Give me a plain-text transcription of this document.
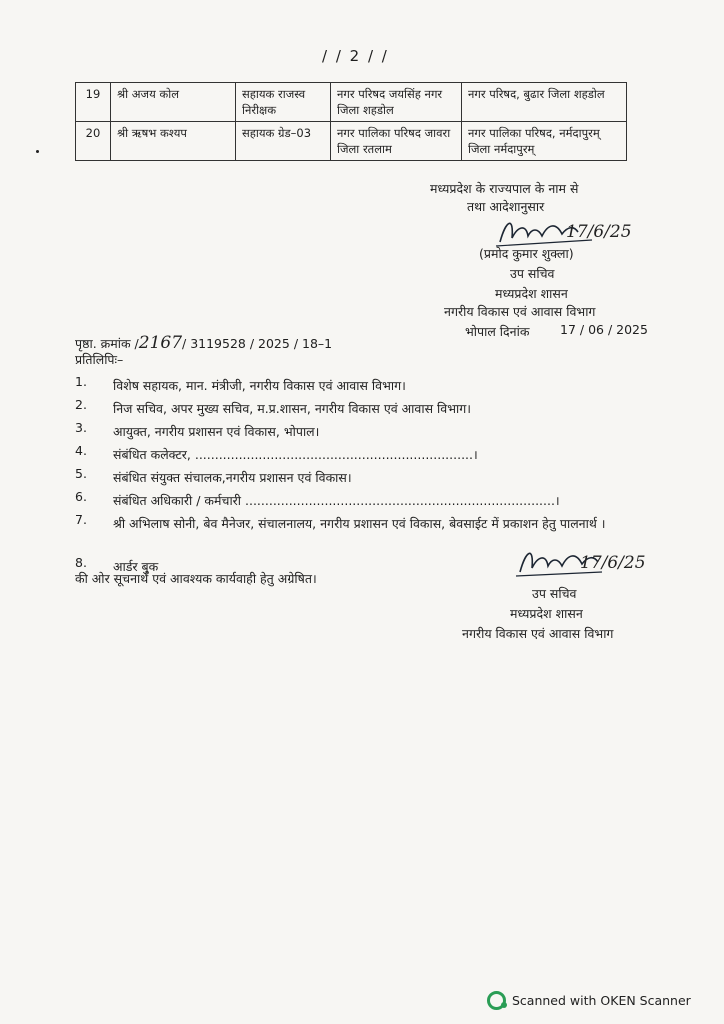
/ / 2 / /
19	श्री अजय कोल	सहायक राजस्व निरीक्षक	नगर परिषद जयसिंह नगर जिला शहडोल	नगर परिषद, बुढार जिला शहडोल
20	श्री ऋषभ कश्यप	सहायक ग्रेड–03	नगर पालिका परिषद जावरा जिला रतलाम	नगर पालिका परिषद, नर्मदापुरम् जिला नर्मदापुरम्
मध्यप्रदेश के राज्यपाल के नाम से
तथा आदेशानुसार
17/6/25
(प्रमोद कुमार शुक्ला)
उप सचिव
मध्यप्रदेश शासन
नगरीय विकास एवं आवास विभाग
भोपाल दिनांक 17 / 06 / 2025
पृष्ठा. क्रमांक /2167/ 3119528 / 2025 / 18–1
प्रतिलिपिः–
1. विशेष सहायक, मान. मंत्रीजी, नगरीय विकास एवं आवास विभाग।
2. निज सचिव, अपर मुख्य सचिव, म.प्र.शासन, नगरीय विकास एवं आवास विभाग।
3. आयुक्त, नगरीय प्रशासन एवं विकास, भोपाल।
4. संबंधित कलेक्टर, ......................................................................।
5. संबंधित संयुक्त संचालक,नगरीय प्रशासन एवं विकास।
6. संबंधित अधिकारी / कर्मचारी ..............................................................................।
7. श्री अभिलाष सोनी, बेव मैनेजर, संचालनालय, नगरीय प्रशासन एवं विकास, बेवसाईट में प्रकाशन हेतु पालनार्थ ।
8. आर्डर बुक
की ओर सूचनार्थ एवं आवश्यक कार्यवाही हेतु अग्रेषित।
17/6/25
उप सचिव
मध्यप्रदेश शासन
नगरीय विकास एवं आवास विभाग
Scanned with OKEN Scanner
